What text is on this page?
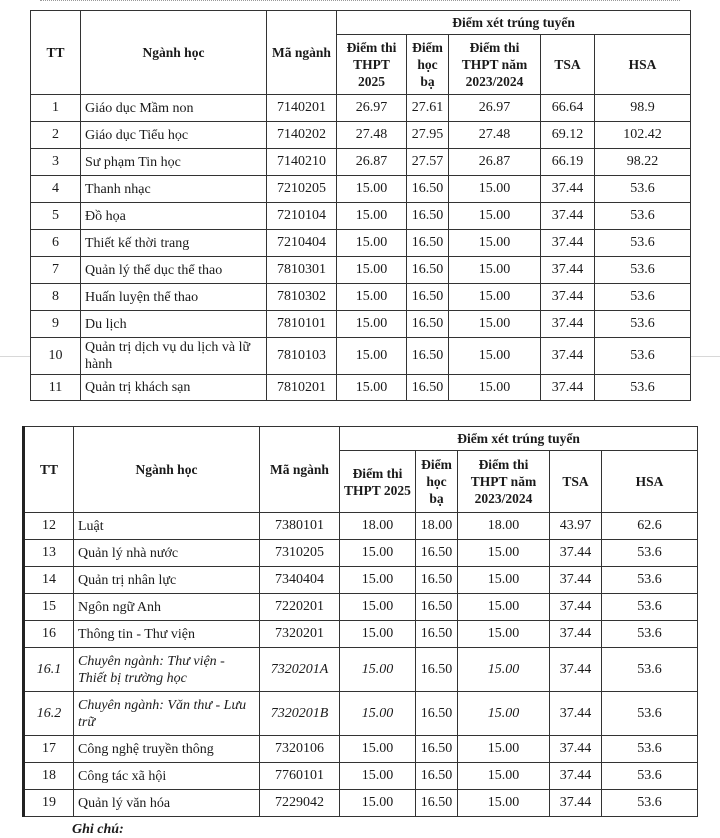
TT	Ngành học	Mã ngành	Điểm xét trúng tuyển				
			Điểm thi THPT 2025	Điểm học bạ	Điểm thi THPT năm 2023/2024	TSA	HSA
1	Giáo dục Mầm non	7140201	26.97	27.61	26.97	66.64	98.9
2	Giáo dục Tiểu học	7140202	27.48	27.95	27.48	69.12	102.42
3	Sư phạm Tin học	7140210	26.87	27.57	26.87	66.19	98.22
4	Thanh nhạc	7210205	15.00	16.50	15.00	37.44	53.6
5	Đồ họa	7210104	15.00	16.50	15.00	37.44	53.6
6	Thiết kế thời trang	7210404	15.00	16.50	15.00	37.44	53.6
7	Quản lý thể dục thể thao	7810301	15.00	16.50	15.00	37.44	53.6
8	Huấn luyện thể thao	7810302	15.00	16.50	15.00	37.44	53.6
9	Du lịch	7810101	15.00	16.50	15.00	37.44	53.6
10	Quản trị dịch vụ du lịch và lữ hành	7810103	15.00	16.50	15.00	37.44	53.6
11	Quản trị khách sạn	7810201	15.00	16.50	15.00	37.44	53.6
TT	Ngành học	Mã ngành	Điểm xét trúng tuyển				
			Điểm thi THPT 2025	Điểm học bạ	Điểm thi THPT năm 2023/2024	TSA	HSA
12	Luật	7380101	18.00	18.00	18.00	43.97	62.6
13	Quản lý nhà nước	7310205	15.00	16.50	15.00	37.44	53.6
14	Quản trị nhân lực	7340404	15.00	16.50	15.00	37.44	53.6
15	Ngôn ngữ Anh	7220201	15.00	16.50	15.00	37.44	53.6
16	Thông tin - Thư viện	7320201	15.00	16.50	15.00	37.44	53.6
16.1	Chuyên ngành: Thư viện - Thiết bị trường học	7320201A	15.00	16.50	15.00	37.44	53.6
16.2	Chuyên ngành: Văn thư - Lưu trữ	7320201B	15.00	16.50	15.00	37.44	53.6
17	Công nghệ truyền thông	7320106	15.00	16.50	15.00	37.44	53.6
18	Công tác xã hội	7760101	15.00	16.50	15.00	37.44	53.6
19	Quản lý văn hóa	7229042	15.00	16.50	15.00	37.44	53.6
Ghi chú:
